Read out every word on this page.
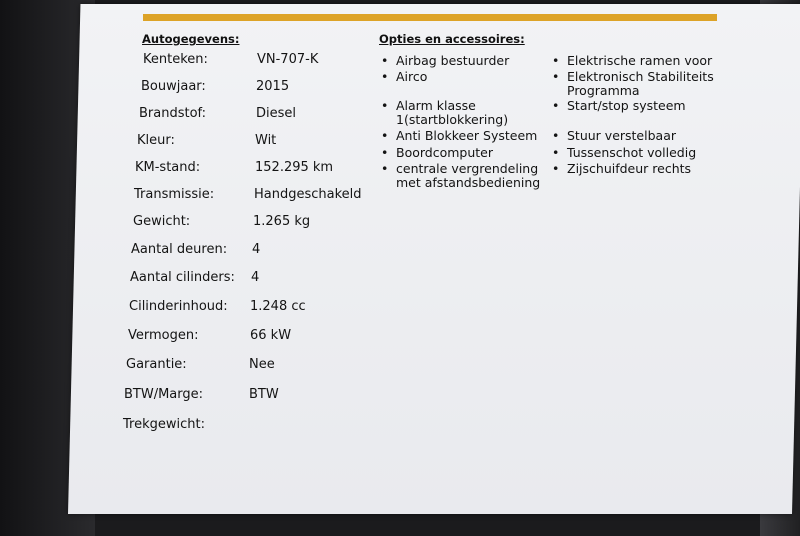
Autogegevens:	Opties en accessoires:
Kenteken:	VN-707-K
Bouwjaar:	2015
Brandstof:	Diesel
Kleur:	Wit
KM-stand:	152.295 km
Transmissie:	Handgeschakeld
Gewicht:	1.265 kg
Aantal deuren: 4
Aantal cilinders: 4
Cilinderinhoud: 1.248 cc
Vermogen:	66 kW
Garantie:	Nee
BTW/Marge:	BTW
Trekgewicht:
• Airbag bestuurder
• Airco
• Alarm klasse 1(startblokkering)
• Anti Blokkeer Systeem
• Boordcomputer
• centrale vergrendeling met afstandsbediening
• Elektrische ramen voor
• Elektronisch Stabiliteits Programma
• Start/stop systeem
• Stuur verstelbaar
• Tussenschot volledig
• Zijschuifdeur rechts
